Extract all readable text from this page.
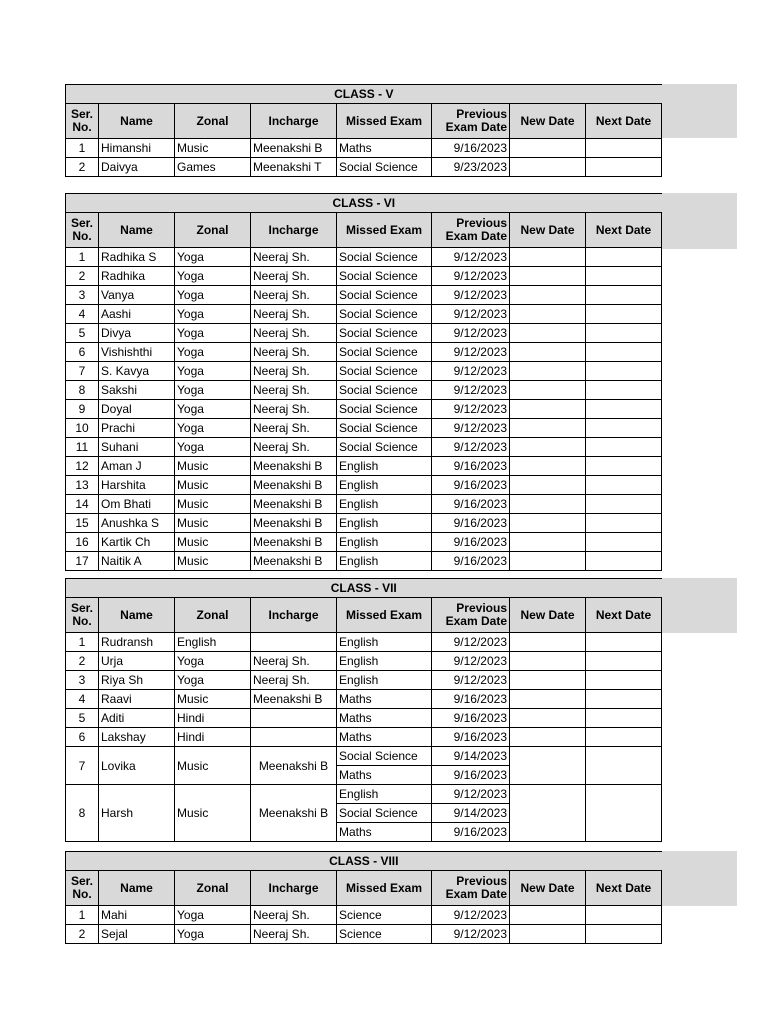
CLASS - V							
Ser. No.	Name	Zonal	Incharge	Missed Exam	Previous Exam Date	New Date	Next Date
1	Himanshi	Music	Meenakshi B	Maths	9/16/2023		
2	Daivya	Games	Meenakshi T	Social Science	9/23/2023		
CLASS - VI							
Ser. No.	Name	Zonal	Incharge	Missed Exam	Previous Exam Date	New Date	Next Date
1	Radhika S	Yoga	Neeraj Sh.	Social Science	9/12/2023		
2	Radhika	Yoga	Neeraj Sh.	Social Science	9/12/2023		
3	Vanya	Yoga	Neeraj Sh.	Social Science	9/12/2023		
4	Aashi	Yoga	Neeraj Sh.	Social Science	9/12/2023		
5	Divya	Yoga	Neeraj Sh.	Social Science	9/12/2023		
6	Vishishthi	Yoga	Neeraj Sh.	Social Science	9/12/2023		
7	S. Kavya	Yoga	Neeraj Sh.	Social Science	9/12/2023		
8	Sakshi	Yoga	Neeraj Sh.	Social Science	9/12/2023		
9	Doyal	Yoga	Neeraj Sh.	Social Science	9/12/2023		
10	Prachi	Yoga	Neeraj Sh.	Social Science	9/12/2023		
11	Suhani	Yoga	Neeraj Sh.	Social Science	9/12/2023		
12	Aman J	Music	Meenakshi B	English	9/16/2023		
13	Harshita	Music	Meenakshi B	English	9/16/2023		
14	Om Bhati	Music	Meenakshi B	English	9/16/2023		
15	Anushka S	Music	Meenakshi B	English	9/16/2023		
16	Kartik Ch	Music	Meenakshi B	English	9/16/2023		
17	Naitik A	Music	Meenakshi B	English	9/16/2023		
CLASS - VII							
Ser. No.	Name	Zonal	Incharge	Missed Exam	Previous Exam Date	New Date	Next Date
1	Rudransh	English		English	9/12/2023		
2	Urja	Yoga	Neeraj Sh.	English	9/12/2023		
3	Riya Sh	Yoga	Neeraj Sh.	English	9/12/2023		
4	Raavi	Music	Meenakshi B	Maths	9/16/2023		
5	Aditi	Hindi		Maths	9/16/2023		
6	Lakshay	Hindi		Maths	9/16/2023		
7	Lovika	Music	Meenakshi B	Social Science	9/14/2023		
				Maths	9/16/2023		
8	Harsh	Music	Meenakshi B	English	9/12/2023		
				Social Science	9/14/2023		
				Maths	9/16/2023		
CLASS - VIII							
Ser. No.	Name	Zonal	Incharge	Missed Exam	Previous Exam Date	New Date	Next Date
1	Mahi	Yoga	Neeraj Sh.	Science	9/12/2023		
2	Sejal	Yoga	Neeraj Sh.	Science	9/12/2023		
